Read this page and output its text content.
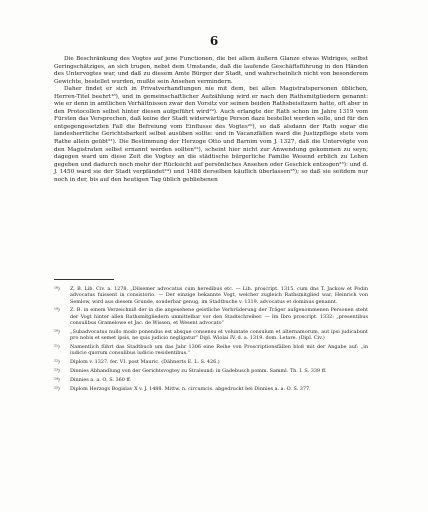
6

Die Beschränkung des Vogtes auf jene Functionen, die bei allem äußern Glanze etwas Widriges, selbst Geringschätziges, an sich trugen, nebst dem Umstande, daß die laufende Geschäftsführung in den Händen des Untervogtes war, und daß zu diesem Amte Bürger der Stadt, und wahrscheinlich nicht von besonderem Gewichte, bestellet wurden, mußte sein Ansehen vermindern.

Daher findet er sich in Privatverhandlungen nie mit dem, bei allen Magistratspersonen üblichen, Herren-Titel beehrt¹⁸), und in gemeinschaftlicher Aufzählung wird er nach den Rathsmitgliedern genannt: wie er denn in amtlichen Verhältnissen zwar den Vorsitz vor seinen beiden Rathsbeisitzern hatte, oft aber in den Protocollen selbst hinter diesen aufgeführt wird¹⁹). Auch erlangte der Rath schon im Jahre 1319 vom Fürsten das Versprechen, daß keine der Stadt widerwärtige Person dazu bestellet werden solle, und für den entgegengesetzten Fall die Befreiung vom Einflusse des Vogtes²⁰), so daß alsdann der Rath sogar die landesherrliche Gerichtsbarkeit selbst ausüben sollte: und in Vacanzfällen ward die Justizpflege stets vom Rathe allein geübt²¹). Die Bestimmung der Herzoge Otto und Barnim vom J. 1327, daß die Untervögte von den Magistraten selbst ernannt werden sollten²²), scheint hier nicht zur Anwendung gekommen zu seyn; dagegen ward um diese Zeit die Vogtey an die städtische bürgerliche Familie Wesend erblich zu Lehen gegeben und dadurch noch mehr der Rücksicht auf persönliches Ansehen oder Geschick entzogen²³): und d. J. 1450 ward sie der Stadt verpfändet²⁴) und 1488 derselben käuflich überlassen²⁵); so daß sie seitdem nur noch in der, bis auf den heutigen Tag üblich gebliebenen

¹⁸)	Z. B. Lib. Civ. a. 1278. „Dilsemer advocatus cum heredibus etc. — Lib. proscript. 1315. cum dns T. Jackow et Podin advocatus fuissent in consistorio. — Der einzige bekannte Vogt, welcher zugleich Rathsmitglied war, Heinrich von Semlow, wird aus diesem Grunde, sonderbar genug, im Stadtbuche v. 1319. advocatus et dominus genannt.
¹⁹)	Z. B. in einem Verzeichniß der in die angesehene geistliche Verbrüderung der Träger aufgenommenen Personen steht der Vogt hinter allen Rathsmitgliedern unmittelbar vor den Stadtschreiber. — Im Ibro proscript. 1332: „presentibus consulibus Gramelowe et Jac. de Wissen, et Wesent advocato“
²⁰)	„Subadvocatus nullo modo ponendus est absque consensu et voluntate consulum et alternamorum, aut ipsi judicabunt pro nobis et semet ipsis, ne quis judicio negligatur“ Dipl. Wiolai IV. d. a. 1319. dom. Letare. (Dipl. Civ.)
²¹)	Namentlich führt das Stadtbuch um das Jahr 1306 eine Reihe von Proscriptionsfällen bloß mit der Angabe auf: „in iudicio quorum consulibus iudicio residentibus.“
²²)	Diplom v. 1327. fer. VI. post Mauric. (Dähnerts E. L. S. 426.)
²³)	Dinnies Abhandlung von der Gerichtsvogtey zu Stralsund: in Gadebusch pomm. Samml. Th. I. S. 339 ff.
²⁴)	Dinnies a. a. O. S. 360 ff.
²⁵)	Diplom Herzogs Bogislav X v. J. 1488. Mittw. n. circumcis. abgedruckt bei Dinnies a. a. O. S. 377.
